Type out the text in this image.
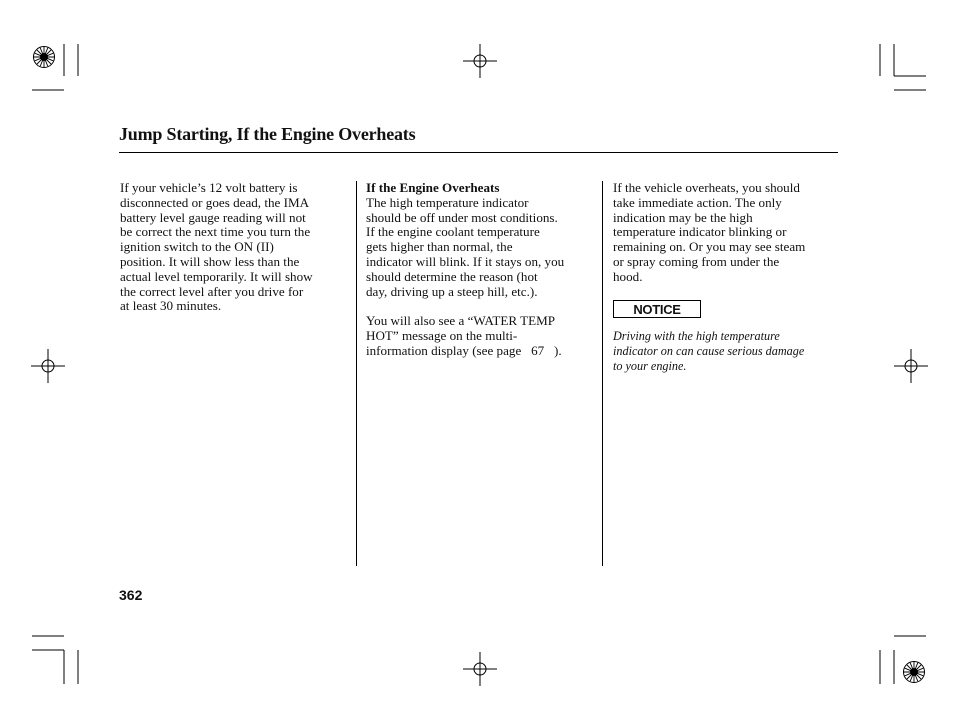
Jump Starting, If the Engine Overheats

If your vehicle’s 12 volt battery is

disconnected or goes dead, the IMA

battery level gauge reading will not

be correct the next time you turn the

ignition switch to the ON (II)

position. It will show less than the

actual level temporarily. It will show

the correct level after you drive for

at least 30 minutes.

If the Engine Overheats

The high temperature indicator

should be off under most conditions.

If the engine coolant temperature

gets higher than normal, the

indicator will blink. If it stays on, you

should determine the reason (hot

day, driving up a steep hill, etc.).

You will also see a “WATER TEMP

HOT” message on the multi-

information display (see page   67   ).

If the vehicle overheats, you should

take immediate action. The only

indication may be the high

temperature indicator blinking or

remaining on. Or you may see steam

or spray coming from under the

hood.

NOTICE
Driving with the high temperature
indicator on can cause serious damage
to your engine.
362
